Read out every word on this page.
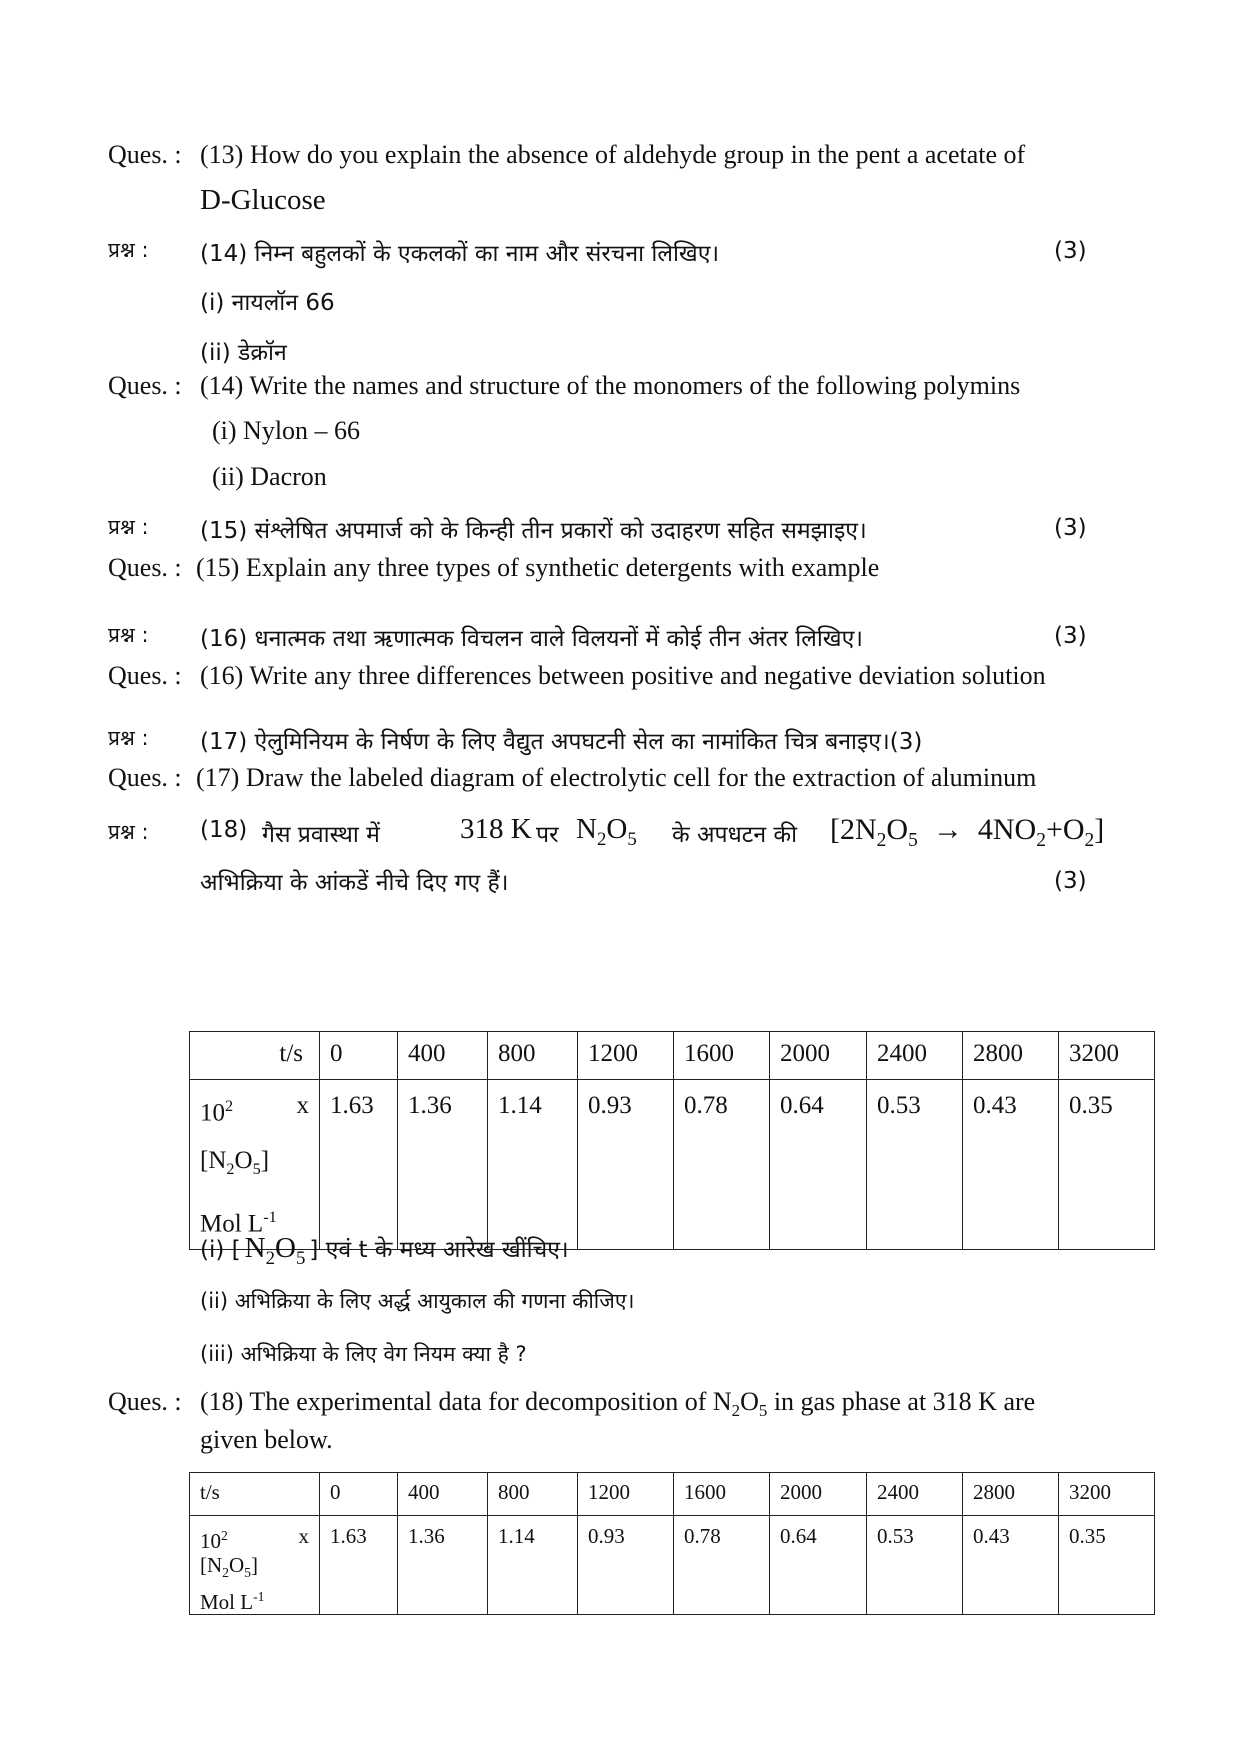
Ques. : (13) How do you explain the absence of aldehyde group in the pent a acetate of
D-Glucose
प्रश्न : (14) निम्न बहुलकों के एकलकों का नाम और संरचना लिखिए।	(3)
(i) नायलॉन 66
(ii) डेक्रॉन
Ques. : (14) Write the names and structure of the monomers of the following polymins
(i) Nylon – 66
(ii) Dacron
प्रश्न : (15) संश्लेषित अपमार्ज को के किन्ही तीन प्रकारों को उदाहरण सहित समझाइए।	(3)
Ques. : (15) Explain any three types of synthetic detergents with example
प्रश्न : (16) धनात्मक तथा ऋणात्मक विचलन वाले विलयनों में कोई तीन अंतर लिखिए।	(3)
Ques. : (16) Write any three differences between positive and negative deviation solution
प्रश्न : (17) ऐलुमिनियम के निर्षण के लिए वैद्युत अपघटनी सेल का नामांकित चित्र बनाइए।(3)
Ques. : (17) Draw the labeled diagram of electrolytic cell for the extraction of aluminum
प्रश्न : (18) गैस प्रवास्था में	318 K पर $N_2O_5$ के अपधटन की $[2N_2O_5 \to 4NO_2+O_2]$
अभिक्रिया के आंकडें नीचे दिए गए हैं।	(3)
t/s	0	400	800	1200	1600	2000	2400	2800	3200

$10^2$ x
$[N_2O_5]$
Mol $L^{-1}$	1.63	1.36	1.14	0.93	0.78	0.64	0.53	0.43	0.35
(i) [ $N_2O_5$ ] एवं t के मध्य आरेख खींचिए।
(ii) अभिक्रिया के लिए अर्द्ध आयुकाल की गणना कीजिए।
(iii) अभिक्रिया के लिए वेग नियम क्या है ?
Ques. : (18) The experimental data for decomposition of $N_2O_5$ in gas phase at 318 K are
given below.
t/s	0	400	800	1200	1600	2000	2400	2800	3200

$10^2$ x
$[N_2O_5]$
Mol $L^{-1}$	1.63	1.36	1.14	0.93	0.78	0.64	0.53	0.43	0.35
